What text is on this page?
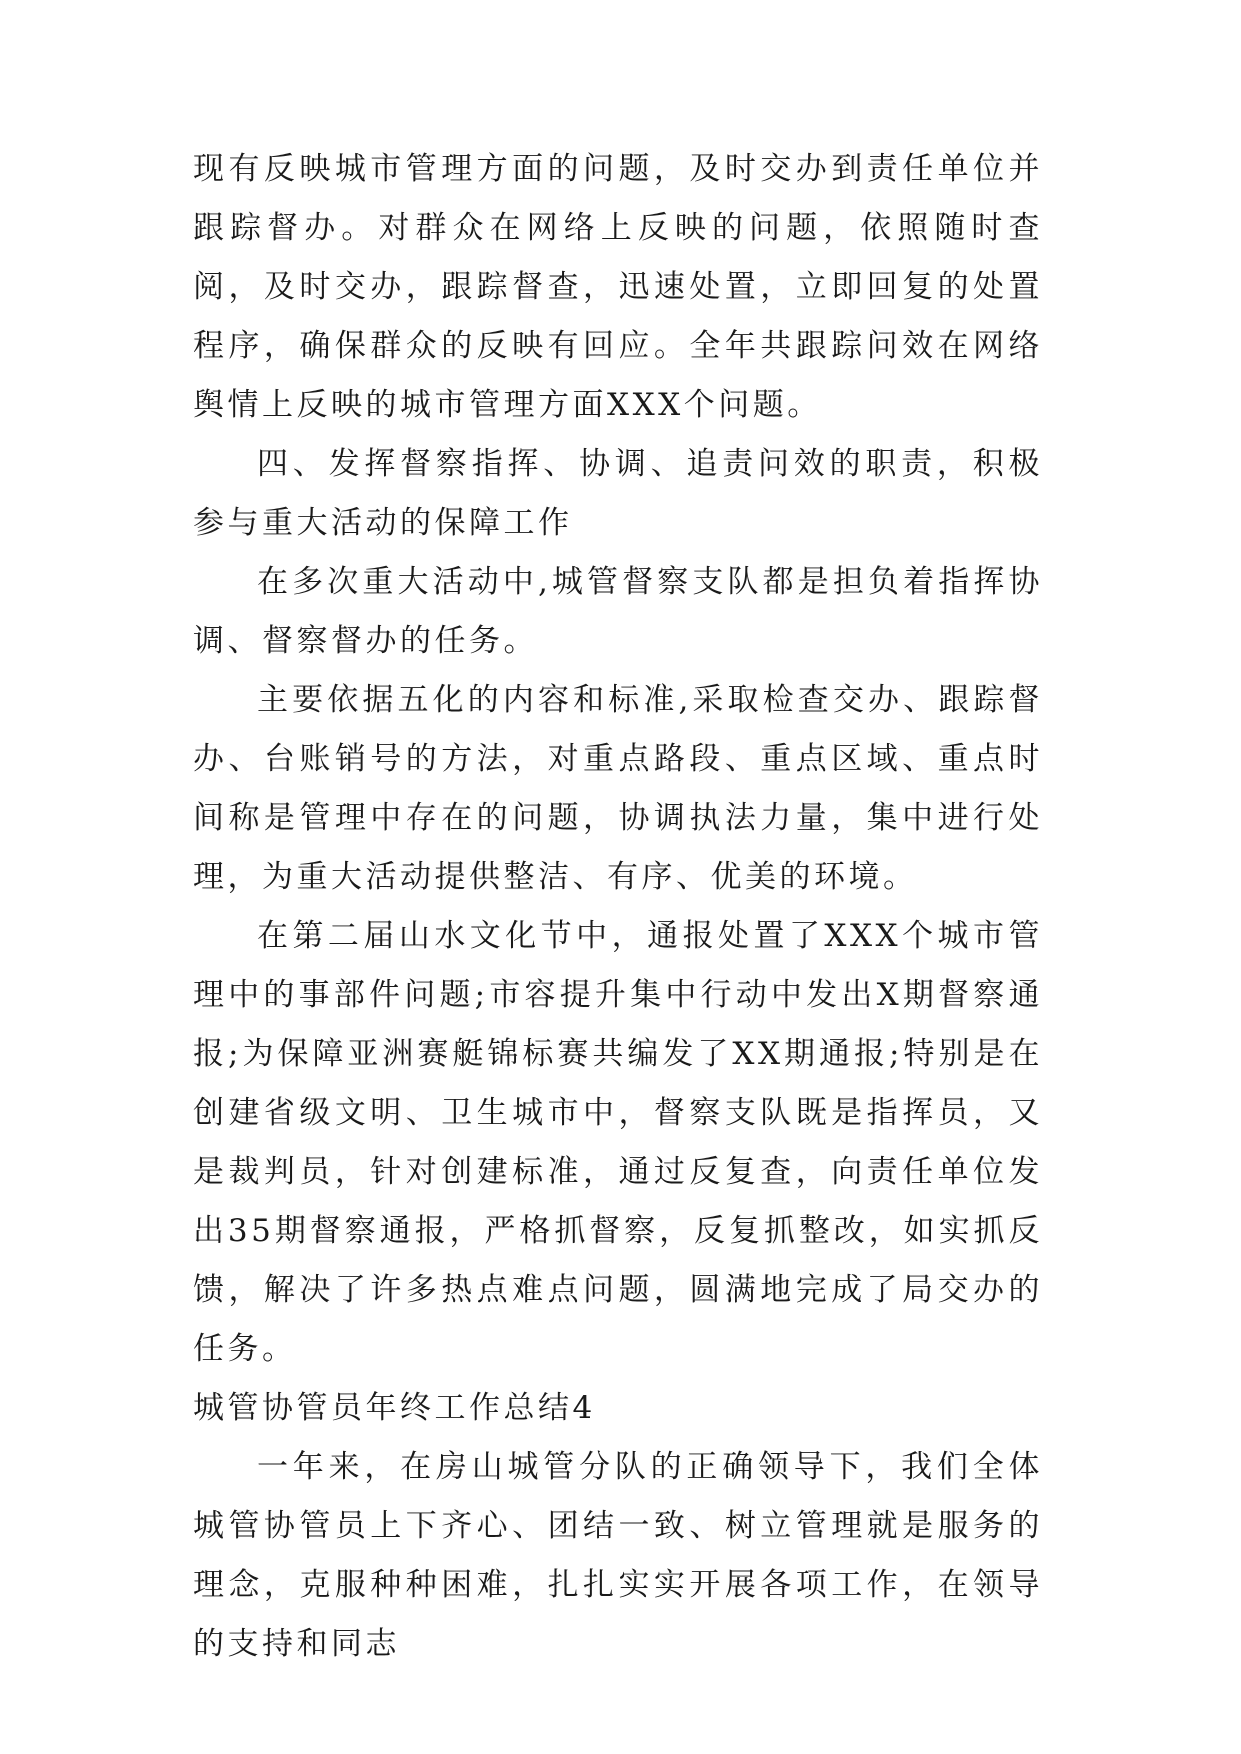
现有反映城市管理方面的问题，及时交办到责任单位并跟踪督办。对群众在网络上反映的问题，依照随时查阅，及时交办，跟踪督查，迅速处置，立即回复的处置程序，确保群众的反映有回应。全年共跟踪问效在网络舆情上反映的城市管理方面XXX个问题。

四、发挥督察指挥、协调、追责问效的职责，积极参与重大活动的保障工作

在多次重大活动中,城管督察支队都是担负着指挥协调、督察督办的任务。

主要依据五化的内容和标准,采取检查交办、跟踪督办、台账销号的方法，对重点路段、重点区域、重点时间称是管理中存在的问题，协调执法力量，集中进行处理，为重大活动提供整洁、有序、优美的环境。

在第二届山水文化节中，通报处置了XXX个城市管理中的事部件问题;市容提升集中行动中发出X期督察通报;为保障亚洲赛艇锦标赛共编发了XX期通报;特别是在创建省级文明、卫生城市中，督察支队既是指挥员，又是裁判员，针对创建标准，通过反复查，向责任单位发出35期督察通报，严格抓督察，反复抓整改，如实抓反馈，解决了许多热点难点问题，圆满地完成了局交办的任务。

城管协管员年终工作总结4

一年来，在房山城管分队的正确领导下，我们全体城管协管员上下齐心、团结一致、树立管理就是服务的理念，克服种种困难，扎扎实实开展各项工作，在领导的支持和同志
